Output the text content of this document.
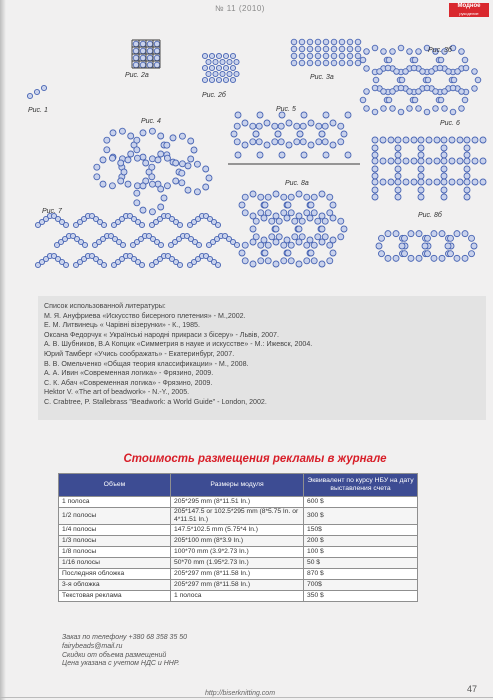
№ 11 (2010)	Модное
рукоделие
Рис. 1
Рис. 2а
Рис. 2б
Рис. 3а
Рис. 3б
Рис. 4
Рис. 5
Рис. 6
Рис. 7
Рис. 8а
Рис. 8б
Список использованной литературы:
М. Я. Ануфриева «Искусство бисерного плетения» - М.,2002.
Е. М. Литвинець « Чарівні візерунки» - К., 1985.
Оксана Федорчук « Українські народні прикраси з бісеру» - Львів, 2007.
А. В. Шубников, В.А Копцик «Симметрия в науке и искусстве» - М.: Ижевск, 2004.
Юрий Тамберг «Учись соображать» - Екатеринбург, 2007.
В. В. Омельченко «Общая теория классификации» - М., 2008.
А. А. Ивин «Современная логика» - Фрязино, 2009.
С. К. Абач «Современная логика» - Фрязино, 2009.
Hektor V. «The art of beadwork» - N.-Y., 2005.
C. Crabtree, P. Stallebrass "Beadwork: a World Guide" - London, 2002.
Стоимость размещения рекламы в журнале
Объем	Размеры модуля	Эквивалент по курсу НБУ на дату выставления счета
1 полоса	205*295 mm (8*11.51 In.)	600 $
1/2 полосы	205*147.5 or 102.5*295 mm (8*5.75 In. or 4*11.51 In.)	300 $
1/4 полосы	147.5*102.5 mm (5.75*4 In.)	150$
1/3 полосы	205*100 mm (8*3.9 In.)	200 $
1/8 полосы	100*70 mm (3.9*2.73 In.)	100 $
1/16 полосы	50*70 mm (1.95*2.73 In.)	50 $
Последняя обложка	205*297 mm (8*11.58 In.)	870 $
3-я обложка	205*297 mm (8*11.58 In.)	700$
Текстовая реклама	1 полоса	350 $
Заказ по телефону +380 68 358 35 50
fairybeads@mail.ru
Скидки от объема размещений
Цена указана с учетом НДС и ННР.
http://biserknitting.com	47
